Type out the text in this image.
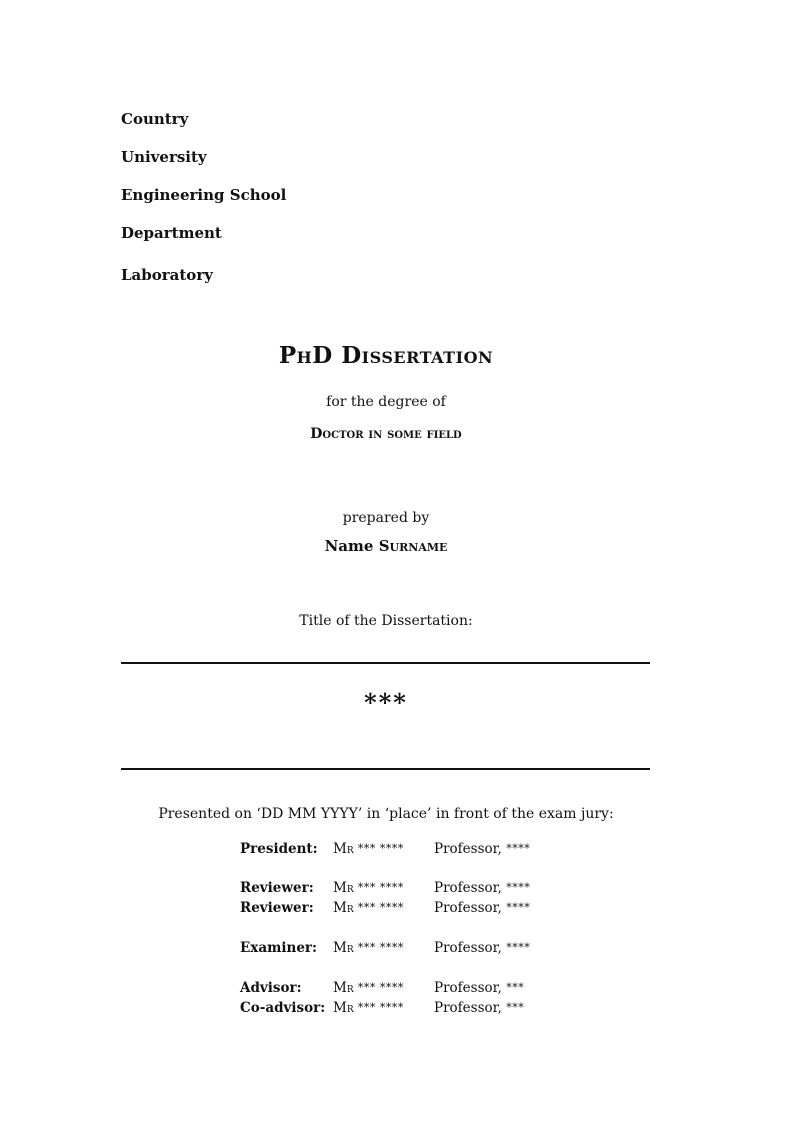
Country

University

Engineering School

Department

Laboratory

PhD Dissertation

for the degree of

Doctor in some field

prepared by

Name Surname

Title of the Dissertation:

***

Presented on ‘DD MM YYYY’ in ‘place’ in front of the exam jury:

President: Mr *** **** Professor, ****
Reviewer: Mr *** **** Professor, ****
Reviewer: Mr *** **** Professor, ****
Examiner: Mr *** **** Professor, ****
Advisor: Mr *** **** Professor, ***
Co-advisor: Mr *** **** Professor, ***
